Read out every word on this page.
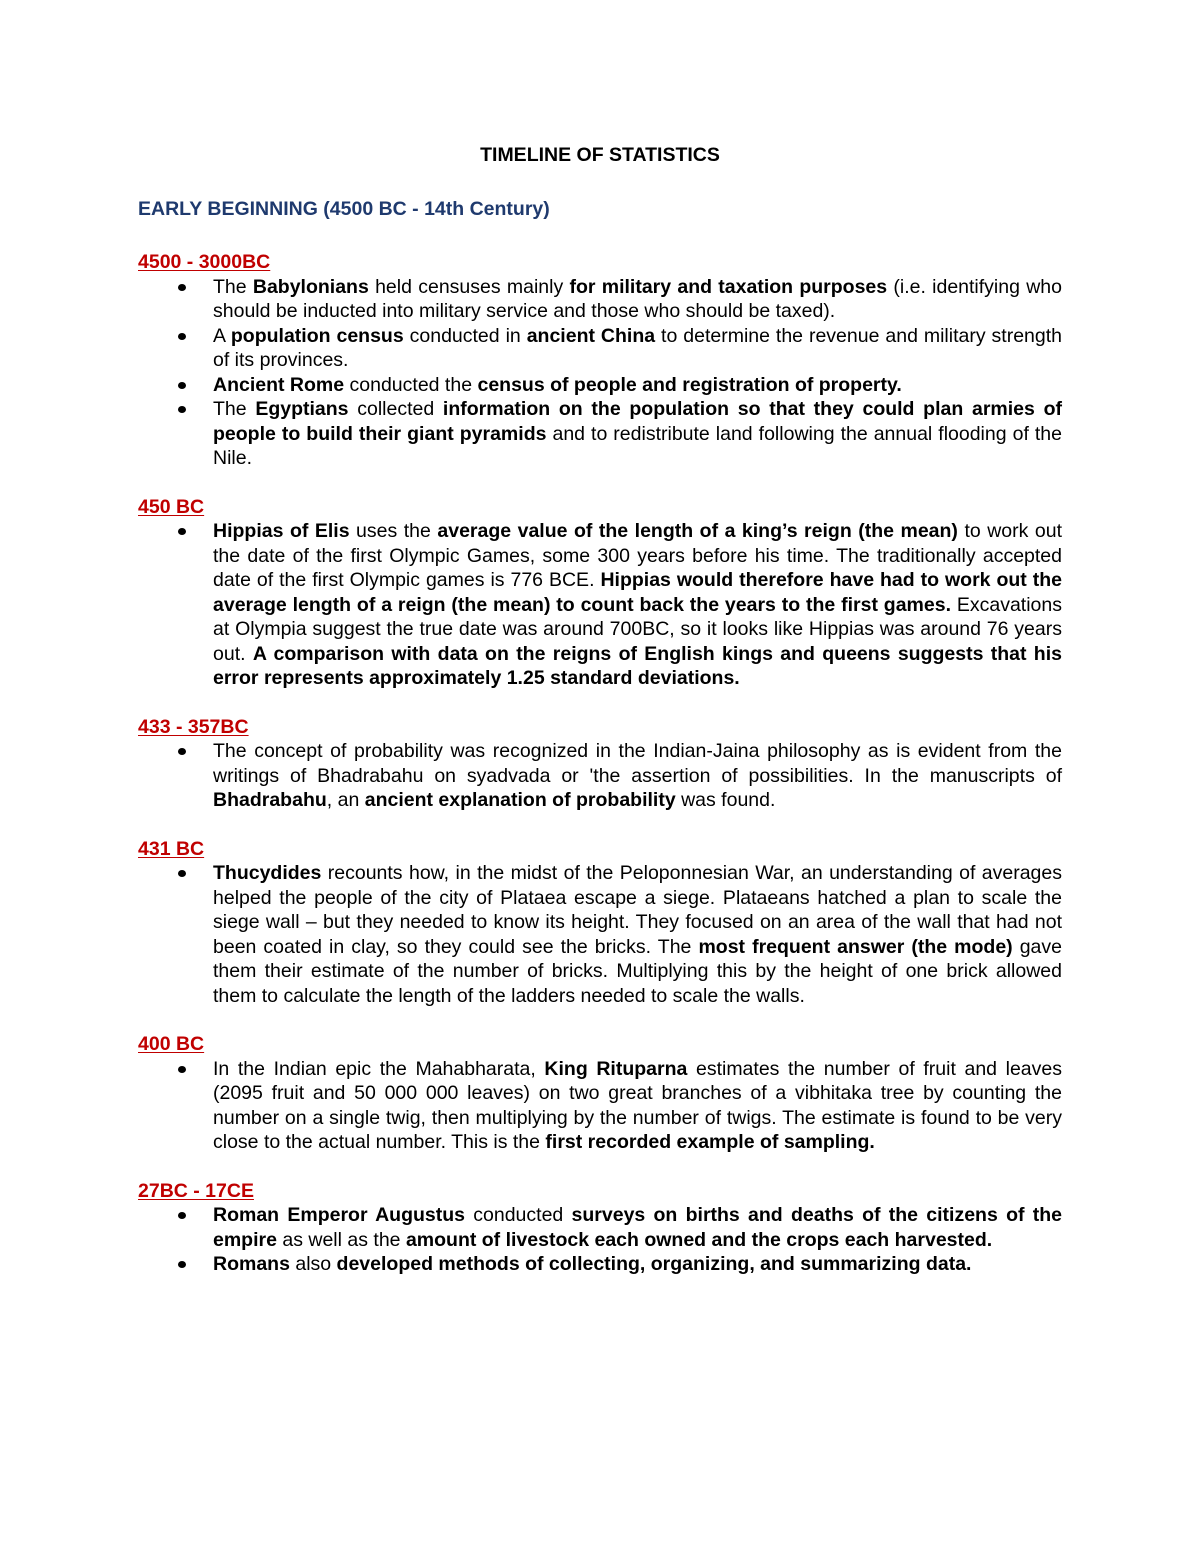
TIMELINE OF STATISTICS
EARLY BEGINNING (4500 BC - 14th Century)
4500 - 3000BC
The Babylonians held censuses mainly for military and taxation purposes (i.e. identifying who should be inducted into military service and those who should be taxed).
A population census conducted in ancient China to determine the revenue and military strength of its provinces.
Ancient Rome conducted the census of people and registration of property.
The Egyptians collected information on the population so that they could plan armies of people to build their giant pyramids and to redistribute land following the annual flooding of the Nile.
450 BC
Hippias of Elis uses the average value of the length of a king’s reign (the mean) to work out the date of the first Olympic Games, some 300 years before his time. The traditionally accepted date of the first Olympic games is 776 BCE. Hippias would therefore have had to work out the average length of a reign (the mean) to count back the years to the first games. Excavations at Olympia suggest the true date was around 700BC, so it looks like Hippias was around 76 years out. A comparison with data on the reigns of English kings and queens suggests that his error represents approximately 1.25 standard deviations.
433 - 357BC
The concept of probability was recognized in the Indian-Jaina philosophy as is evident from the writings of Bhadrabahu on syadvada or 'the assertion of possibilities. In the manuscripts of Bhadrabahu, an ancient explanation of probability was found.
431 BC
Thucydides recounts how, in the midst of the Peloponnesian War, an understanding of averages helped the people of the city of Plataea escape a siege. Plataeans hatched a plan to scale the siege wall – but they needed to know its height. They focused on an area of the wall that had not been coated in clay, so they could see the bricks. The most frequent answer (the mode) gave them their estimate of the number of bricks. Multiplying this by the height of one brick allowed them to calculate the length of the ladders needed to scale the walls.
400 BC
In the Indian epic the Mahabharata, King Rituparna estimates the number of fruit and leaves (2095 fruit and 50 000 000 leaves) on two great branches of a vibhitaka tree by counting the number on a single twig, then multiplying by the number of twigs. The estimate is found to be very close to the actual number. This is the first recorded example of sampling.
27BC - 17CE
Roman Emperor Augustus conducted surveys on births and deaths of the citizens of the empire as well as the amount of livestock each owned and the crops each harvested.
Romans also developed methods of collecting, organizing, and summarizing data.
